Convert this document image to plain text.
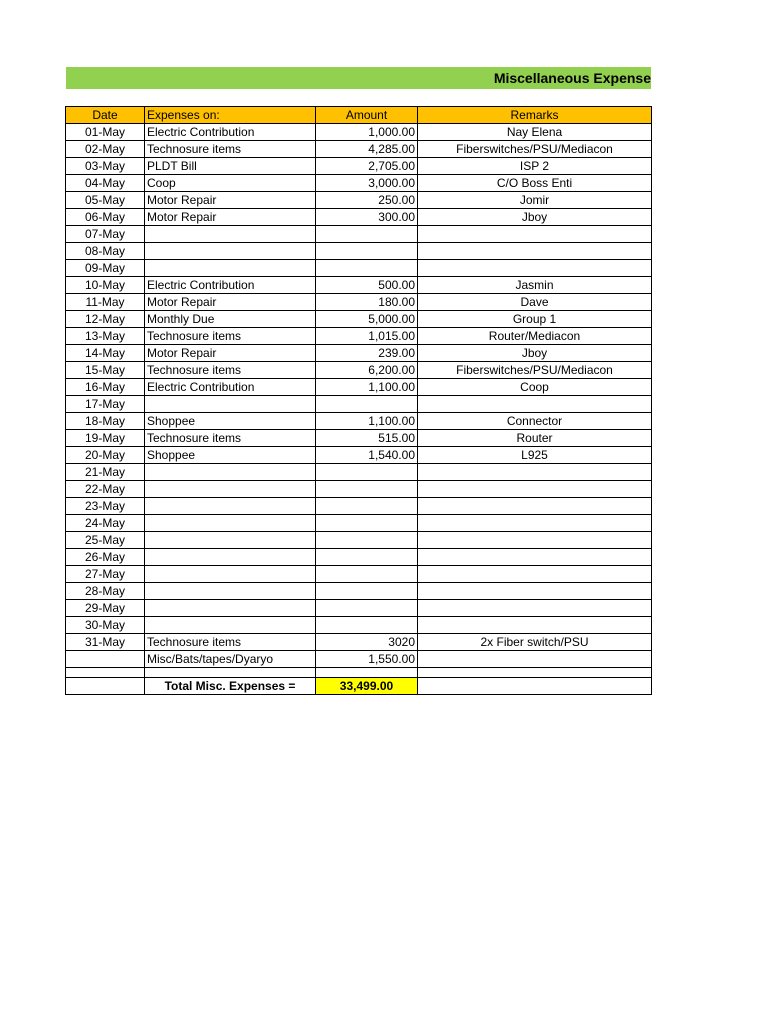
Miscellaneous Expense
Date	Expenses on:	Amount	Remarks
01-May	Electric Contribution	1,000.00	Nay Elena
02-May	Technosure items	4,285.00	Fiberswitches/PSU/Mediacon
03-May	PLDT Bill	2,705.00	ISP 2
04-May	Coop	3,000.00	C/O Boss Enti
05-May	Motor Repair	250.00	Jomir
06-May	Motor Repair	300.00	Jboy
07-May			
08-May			
09-May			
10-May	Electric Contribution	500.00	Jasmin
11-May	Motor Repair	180.00	Dave
12-May	Monthly Due	5,000.00	Group 1
13-May	Technosure items	1,015.00	Router/Mediacon
14-May	Motor Repair	239.00	Jboy
15-May	Technosure items	6,200.00	Fiberswitches/PSU/Mediacon
16-May	Electric Contribution	1,100.00	Coop
17-May			
18-May	Shoppee	1,100.00	Connector
19-May	Technosure items	515.00	Router
20-May	Shoppee	1,540.00	L925
21-May			
22-May			
23-May			
24-May			
25-May			
26-May			
27-May			
28-May			
29-May			
30-May			
31-May	Technosure items	3020	2x Fiber switch/PSU
	Misc/Bats/tapes/Dyaryo	1,550.00	

	Total Misc. Expenses =	33,499.00	
